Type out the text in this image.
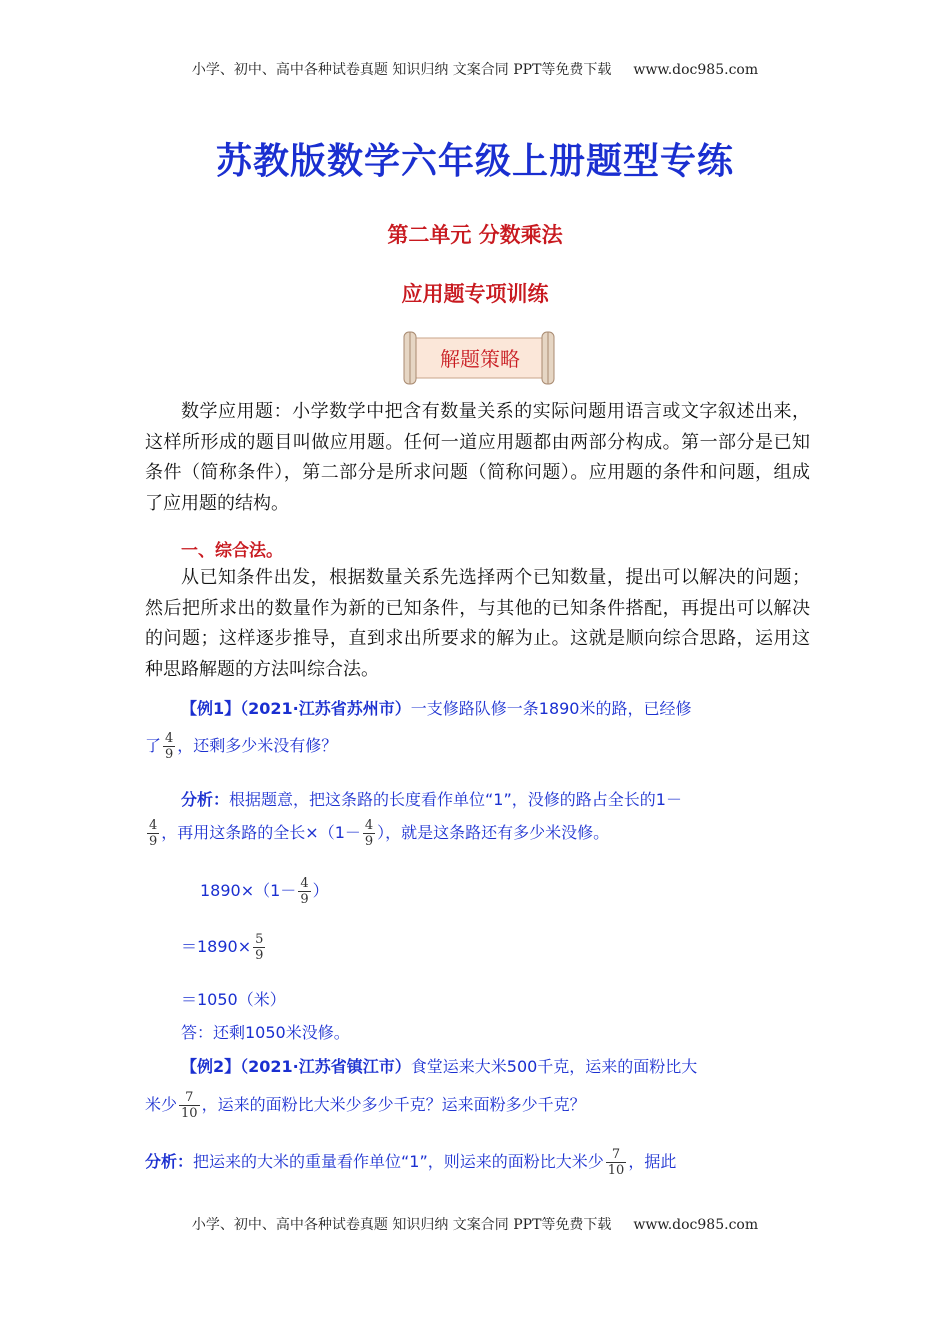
小学、初中、高中各种试卷真题 知识归纳 文案合同 PPT等免费下载 www.doc985.com
苏教版数学六年级上册题型专练
第二单元 分数乘法
应用题专项训练
解题策略
数学应用题：小学数学中把含有数量关系的实际问题用语言或文字叙述出来，这样所形成的题目叫做应用题。任何一道应用题都由两部分构成。第一部分是已知条件（简称条件），第二部分是所求问题（简称问题）。应用题的条件和问题，组成了应用题的结构。
一、综合法。
从已知条件出发，根据数量关系先选择两个已知数量，提出可以解决的问题；然后把所求出的数量作为新的已知条件，与其他的已知条件搭配，再提出可以解决的问题；这样逐步推导，直到求出所要求的解为止。这就是顺向综合思路，运用这种思路解题的方法叫综合法。
【例1】（2021·江苏省苏州市）一支修路队修一条1890米的路，已经修
了 $\frac{4}{9}$ ，还剩多少米没有修？
分析：根据题意，把这条路的长度看作单位“1”，没修的路占全长的1－
$\frac{4}{9}$ ，再用这条路的全长$\times(1- \frac{4}{9}$ ），就是这条路还有多少米没修。
$1890\times(1- \frac{4}{9}$ ）
$=1890\times \frac{5}{9}$
＝1050（米）
答：还剩1050米没修。
【例2】（2021·江苏省镇江市）食堂运来大米500千克，运来的面粉比大
米少 $\frac{7}{10}$ ，运来的面粉比大米少多少千克？运来面粉多少千克？
分析：把运来的大米的重量看作单位“1”，则运来的面粉比大米少 $\frac{7}{10}$ ，据此
小学、初中、高中各种试卷真题 知识归纳 文案合同 PPT等免费下载 www.doc985.com
